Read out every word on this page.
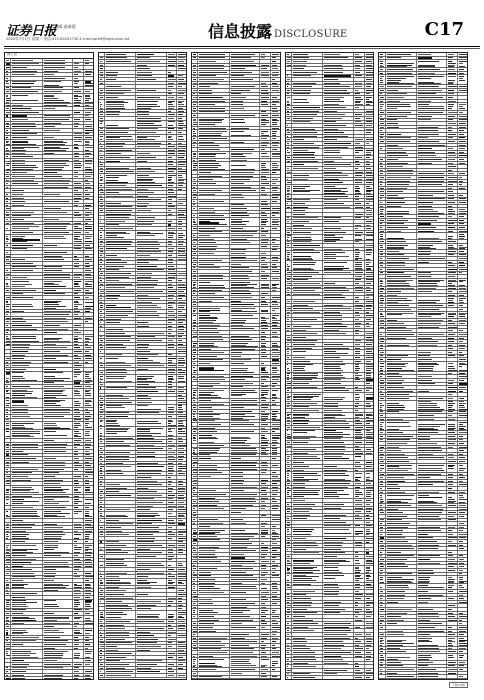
证券日报 第6 最新版
2020年7月1日 星期一 电话:010-83251730 E-mail:zqrb9@zqrb.sina.net	信息披露 DISCLOSURE	C17
(续上表)
下转C18版
